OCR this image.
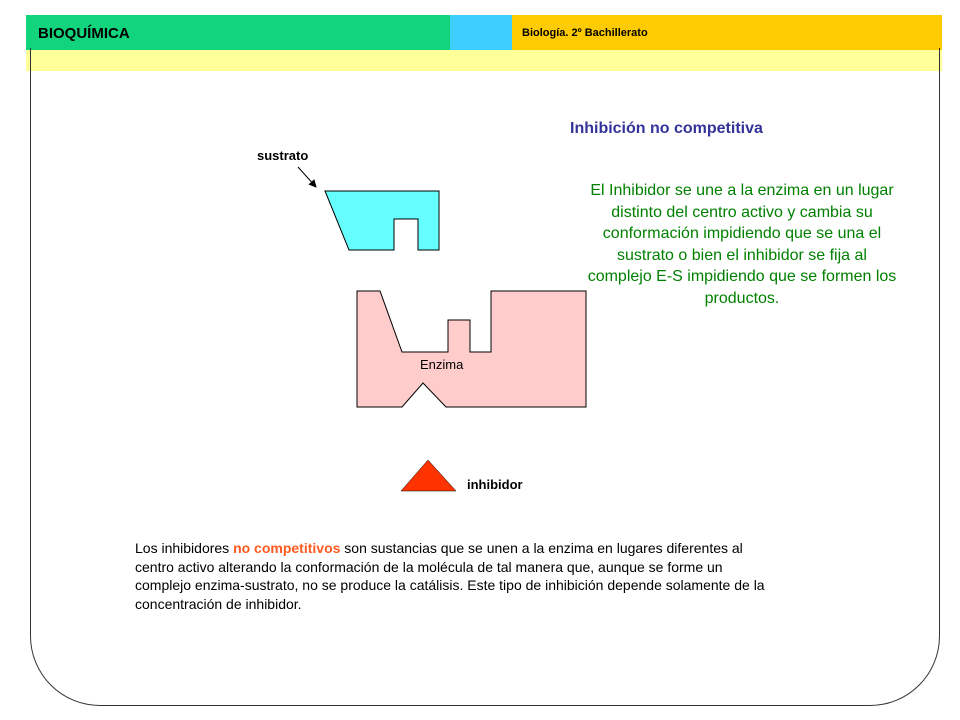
BIOQUÍMICA	Biología. 2º Bachillerato
Inhibición no competitiva
El Inhibidor se une a la enzima en un lugar distinto del centro activo y cambia su conformación impidiendo que se una el sustrato o bien el inhibidor se fija al complejo E-S impidiendo que se formen los productos.
sustrato
Enzima
inhibidor
Los inhibidores no competitivos son sustancias que se unen a la enzima en lugares diferentes al centro activo alterando la conformación de la molécula de tal manera que, aunque se forme un complejo enzima-sustrato, no se produce la catálisis. Este tipo de inhibición depende solamente de la concentración de inhibidor.
